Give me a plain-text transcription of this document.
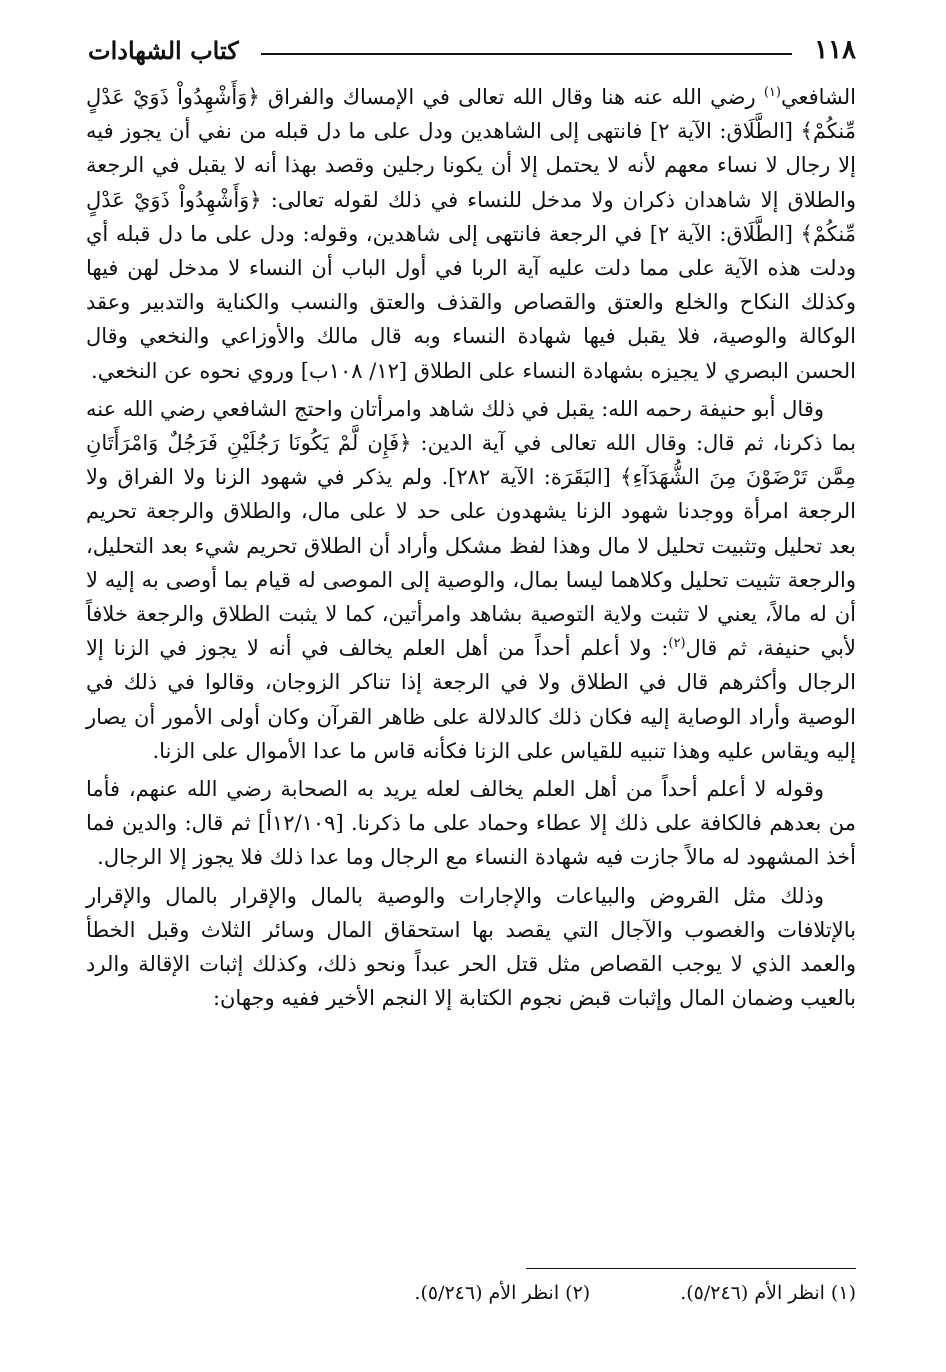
١١٨
كتاب الشهادات

الشافعي$^{(١)}$ رضي الله عنه هنا وقال الله تعالى في الإمساك والفراق ﴿وَأَشْهِدُواْ ذَوَيْ عَدْلٍ مِّنكُمْ﴾ [الطَّلَاق: الآية ٢] فانتهى إلى الشاهدين ودل على ما دل قبله من نفي أن يجوز فيه إلا رجال لا نساء معهم لأنه لا يحتمل إلا أن يكونا رجلين وقصد بهذا أنه لا يقبل في الرجعة والطلاق إلا شاهدان ذكران ولا مدخل للنساء في ذلك لقوله تعالى: ﴿وَأَشْهِدُواْ ذَوَيْ عَدْلٍ مِّنكُمْ﴾ [الطَّلَاق: الآية ٢] في الرجعة فانتهى إلى شاهدين، وقوله: ودل على ما دل قبله أي ودلت هذه الآية على مما دلت عليه آية الربا في أول الباب أن النساء لا مدخل لهن فيها وكذلك النكاح والخلع والعتق والقصاص والقذف والعتق والنسب والكناية والتدبير وعقد الوكالة والوصية، فلا يقبل فيها شهادة النساء وبه قال مالك والأوزاعي والنخعي وقال الحسن البصري لا يجيزه بشهادة النساء على الطلاق [١٢/ ١٠٨ب] وروي نحوه عن النخعي.

وقال أبو حنيفة رحمه الله: يقبل في ذلك شاهد وامرأتان واحتج الشافعي رضي الله عنه بما ذكرنا، ثم قال: وقال الله تعالى في آية الدين: ﴿فَإِن لَّمْ يَكُونَا رَجُلَيْنِ فَرَجُلٌ وَامْرَأَتَانِ مِمَّن تَرْضَوْنَ مِنَ الشُّهَدَآءِ﴾ [البَقَرَة: الآية ٢٨٢]. ولم يذكر في شهود الزنا ولا الفراق ولا الرجعة امرأة ووجدنا شهود الزنا يشهدون على حد لا على مال، والطلاق والرجعة تحريم بعد تحليل وتثبيت تحليل لا مال وهذا لفظ مشكل وأراد أن الطلاق تحريم شيء بعد التحليل، والرجعة تثبيت تحليل وكلاهما ليسا بمال، والوصية إلى الموصى له قيام بما أوصى به إليه لا أن له مالاً، يعني لا تثبت ولاية التوصية بشاهد وامرأتين، كما لا يثبت الطلاق والرجعة خلافاً لأبي حنيفة، ثم قال$^{(٢)}$: ولا أعلم أحداً من أهل العلم يخالف في أنه لا يجوز في الزنا إلا الرجال وأكثرهم قال في الطلاق ولا في الرجعة إذا تناكر الزوجان، وقالوا في ذلك في الوصية وأراد الوصاية إليه فكان ذلك كالدلالة على ظاهر القرآن وكان أولى الأمور أن يصار إليه ويقاس عليه وهذا تنبيه للقياس على الزنا فكأنه قاس ما عدا الأموال على الزنا.

وقوله لا أعلم أحداً من أهل العلم يخالف لعله يريد به الصحابة رضي الله عنهم، فأما من بعدهم فالكافة على ذلك إلا عطاء وحماد على ما ذكرنا. [١٢/١٠٩أ] ثم قال: والدين فما أخذ المشهود له مالاً جازت فيه شهادة النساء مع الرجال وما عدا ذلك فلا يجوز إلا الرجال.

وذلك مثل القروض والبياعات والإجارات والوصية بالمال والإقرار بالمال والإقرار بالإتلافات والغصوب والآجال التي يقصد بها استحقاق المال وسائر الثلاث وقبل الخطأ والعمد الذي لا يوجب القصاص مثل قتل الحر عبداً ونحو ذلك، وكذلك إثبات الإقالة والرد بالعيب وضمان المال وإثبات قبض نجوم الكتابة إلا النجم الأخير ففيه وجهان:

(١) انظر الأم (٥/٢٤٦).
(٢) انظر الأم (٥/٢٤٦).
